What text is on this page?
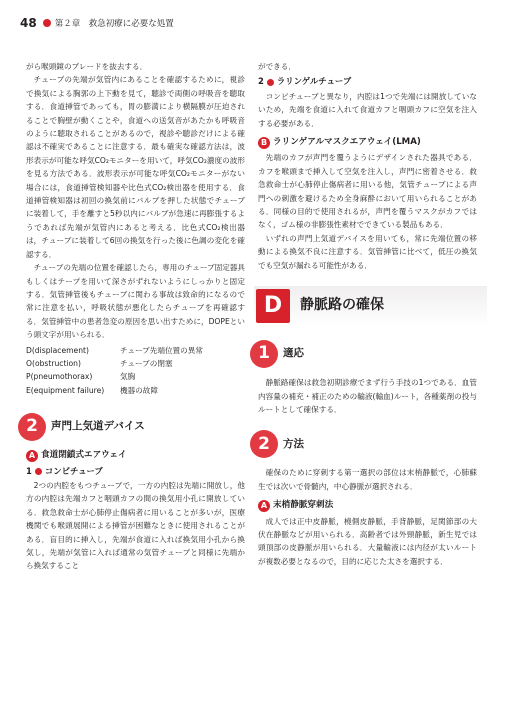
48 第２章　救急初療に必要な処置

がら喉頭鏡のブレードを抜去する．

チューブの先端が気管内にあることを確認するために，視診で換気による胸郭の上下動を見て，聴診で両側の呼吸音を聴取する．食道挿管であっても，胃の膨満により横隔膜が圧迫されることで胸壁が動くことや，食道への送気音があたかも呼吸音のように聴取されることがあるので，視診や聴診だけによる確認は不確実であることに注意する．最も確実な確認方法は，波形表示が可能な呼気CO₂モニターを用いて，呼気CO₂濃度の波形を見る方法である．波形表示が可能な呼気CO₂モニターがない場合には，食道挿管検知器や比色式CO₂検出器を使用する．食道挿管検知器は初回の換気前にバルブを押した状態でチューブに装着して，手を離すと5秒以内にバルブが急速に再膨張するようであれば先端が気管内にあると考える．比色式CO₂検出器は，チューブに装着して6回の換気を行った後に色調の変化を確認する．

チューブの先端の位置を確認したら，専用のチューブ固定器具もしくはテープを用いて深さがずれないようにしっかりと固定する．気管挿管後もチューブに関わる事故は致命的になるので常に注意を払い，呼吸状態が悪化したらチューブを再確認する．気管挿管中の患者急変の原因を思い出すために，DOPEという頭文字が用いられる．

D(displacement)	チューブ先端位置の異常
O(obstruction)	チューブの閉塞
P(pneumothorax)	気胸
E(equipment failure)	機器の故障
2	声門上気道デバイス
A 食道閉鎖式エアウェイ
1 コンビチューブ

2つの内腔をもつチューブで，一方の内腔は先端に開放し，他方の内腔は先端カフと咽頭カフの間の換気用小孔に開放している．救急救命士が心肺停止傷病者に用いることが多いが，医療機関でも喉頭展開による挿管が困難なときに使用されることがある．盲目的に挿入し，先端が食道に入れば換気用小孔から換気し，先端が気管に入れば通常の気管チューブと同様に先端から換気すること

ができる．

2 ラリンゲルチューブ

コンビチューブと異なり，内腔は1つで先端には開放していないため，先端を食道に入れて食道カフと咽頭カフに空気を注入する必要がある．

B ラリンゲアルマスクエアウェイ(LMA)

先端のカフが声門を覆うようにデザインされた器具である．カフを喉頭まで挿入して空気を注入し，声門に密着させる．救急救命士が心肺停止傷病者に用いる他，気管チューブによる声門への刺激を避けるため全身麻酔において用いられることがある．同様の目的で使用されるが，声門を覆うマスクがカフではなく，ゴム様の非膨張性素材でできている製品もある．

いずれの声門上気道デバイスを用いても，常に先端位置の移動による換気不良に注意する．気管挿管に比べて，低圧の換気でも空気が漏れる可能性がある．

D	静脈路の確保
1	適応

静脈路確保は救急初期診療でまず行う手技の1つである．血管内容量の補充・補正のための輸液(輸血)ルート，各種薬剤の投与ルートとして確保する．

2	方法

確保のために穿刺する第一選択の部位は末梢静脈で，心肺蘇生では次いで骨髄内，中心静脈が選択される．

A 末梢静脈穿刺法

成人では正中皮静脈，橈側皮静脈，手背静脈，足関節部の大伏在静脈などが用いられる．高齢者では外頸静脈，新生児では頭頂部の皮静脈が用いられる．大量輸液には内径が太いルートが複数必要となるので，目的に応じた太さを選択する．
